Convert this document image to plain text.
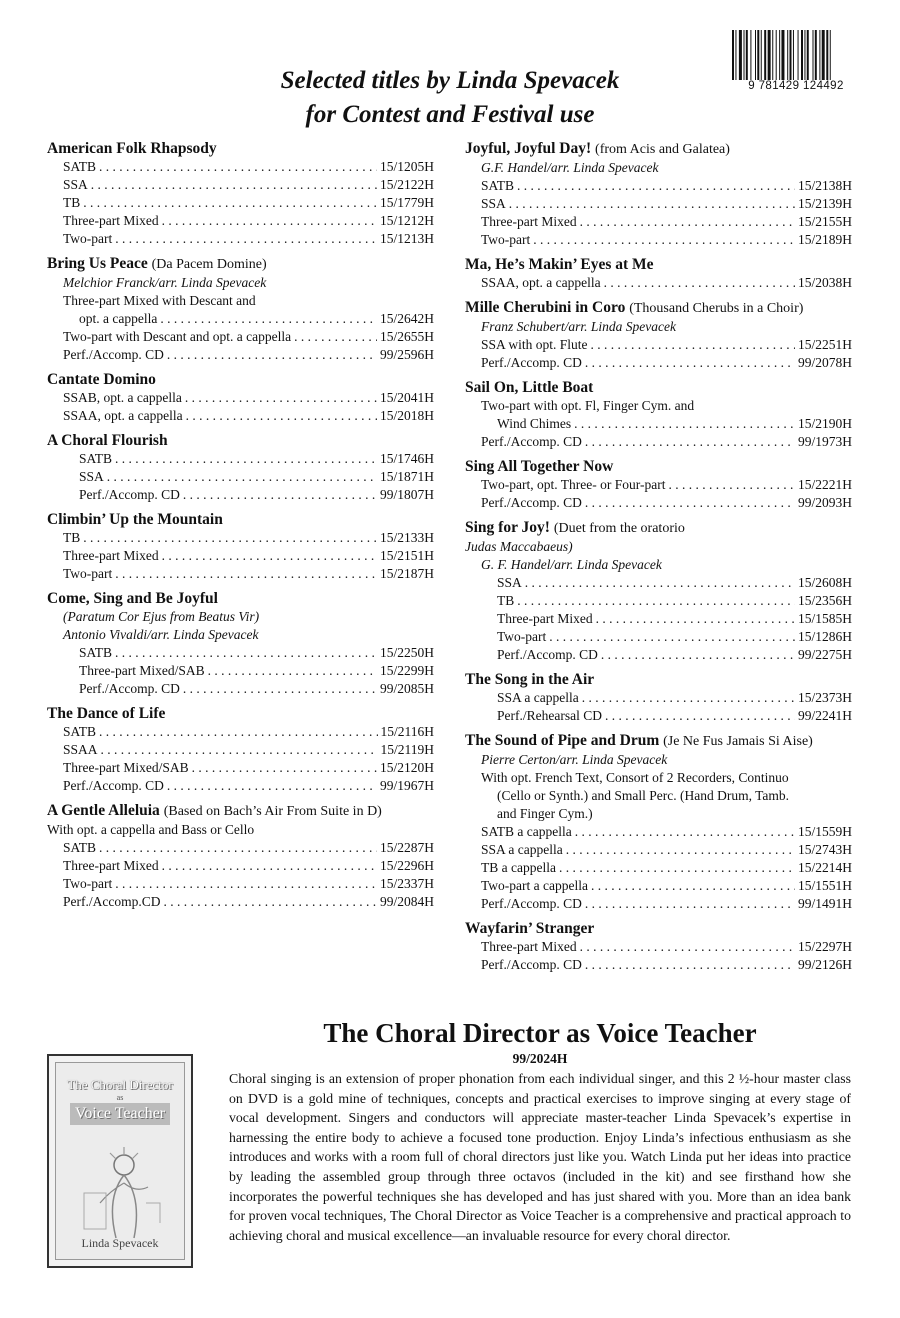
9 781429 124492
Selected titles by Linda Spevacek
for Contest and Festival use
American Folk Rhapsody
SATB . . .	15/1205H
SSA . . .	15/2122H
TB . . .	15/1779H
Three-part Mixed . . .	15/1212H
Two-part . . .	15/1213H
Bring Us Peace (Da Pacem Domine)
Melchior Franck/arr. Linda Spevacek
Three-part Mixed with Descant and
opt. a cappella . . .	15/2642H
Two-part with Descant and opt. a cappella . . .	15/2655H
Perf./Accomp. CD . . .	99/2596H
Cantate Domino
SSAB, opt. a cappella . . .	15/2041H
SSAA, opt. a cappella . . .	15/2018H
A Choral Flourish
SATB . . .	15/1746H
SSA . . .	15/1871H
Perf./Accomp. CD . . .	99/1807H
Climbin’ Up the Mountain
TB . . .	15/2133H
Three-part Mixed . . .	15/2151H
Two-part . . .	15/2187H
Come, Sing and Be Joyful
(Paratum Cor Ejus from Beatus Vir)
Antonio Vivaldi/arr. Linda Spevacek
SATB . . .	15/2250H
Three-part Mixed/SAB . . .	15/2299H
Perf./Accomp. CD . . .	99/2085H
The Dance of Life
SATB . . .	15/2116H
SSAA . . .	15/2119H
Three-part Mixed/SAB . . .	15/2120H
Perf./Accomp. CD . . .	99/1967H
A Gentle Alleluia (Based on Bach’s Air From Suite in D)
With opt. a cappella and Bass or Cello
SATB . . .	15/2287H
Three-part Mixed . . .	15/2296H
Two-part . . .	15/2337H
Perf./Accomp.CD . . .	99/2084H
Joyful, Joyful Day! (from Acis and Galatea)
G.F. Handel/arr. Linda Spevacek
SATB . . .	15/2138H
SSA . . .	15/2139H
Three-part Mixed . . .	15/2155H
Two-part . . .	15/2189H
Ma, He’s Makin’ Eyes at Me
SSAA, opt. a cappella . . .	15/2038H
Mille Cherubini in Coro (Thousand Cherubs in a Choir)
Franz Schubert/arr. Linda Spevacek
SSA with opt. Flute . . .	15/2251H
Perf./Accomp. CD . . .	99/2078H
Sail On, Little Boat
Two-part with opt. Fl, Finger Cym. and
Wind Chimes . . .	15/2190H
Perf./Accomp. CD . . .	99/1973H
Sing All Together Now
Two-part, opt. Three- or Four-part . . .	15/2221H
Perf./Accomp. CD . . .	99/2093H
Sing for Joy! (Duet from the oratorio
Judas Maccabaeus)
G. F. Handel/arr. Linda Spevacek
SSA . . .	15/2608H
TB . . .	15/2356H
Three-part Mixed . . .	15/1585H
Two-part . . .	15/1286H
Perf./Accomp. CD . . .	99/2275H
The Song in the Air
SSA a cappella . . .	15/2373H
Perf./Rehearsal CD . . .	99/2241H
The Sound of Pipe and Drum (Je Ne Fus Jamais Si Aise)
Pierre Certon/arr. Linda Spevacek
With opt. French Text, Consort of 2 Recorders, Continuo
(Cello or Synth.) and Small Perc. (Hand Drum, Tamb.
and Finger Cym.)
SATB a cappella . . .	15/1559H
SSA a cappella . . .	15/2743H
TB a cappella . . .	15/2214H
Two-part a cappella . . .	15/1551H
Perf./Accomp. CD . . .	99/1491H
Wayfarin’ Stranger
Three-part Mixed . . .	15/2297H
Perf./Accomp. CD . . .	99/2126H
The Choral Director
as
Voice Teacher
Linda Spevacek
The Choral Director as Voice Teacher
99/2024H
Choral singing is an extension of proper phonation from each individual singer, and this 2 ½-hour master class on DVD is a gold mine of techniques, concepts and practical exercises to improve singing at every stage of vocal development. Singers and conductors will appreciate master-teacher Linda Spevacek’s expertise in harnessing the entire body to achieve a focused tone production. Enjoy Linda’s infectious enthusiasm as she introduces and works with a room full of choral directors just like you. Watch Linda put her ideas into practice by leading the assembled group through three octavos (included in the kit) and see firsthand how she incorporates the powerful techniques she has developed and has just shared with you. More than an idea bank for proven vocal techniques, The Choral Director as Voice Teacher is a comprehensive and practical approach to achieving choral and musical excellence—an invaluable resource for every choral director.
